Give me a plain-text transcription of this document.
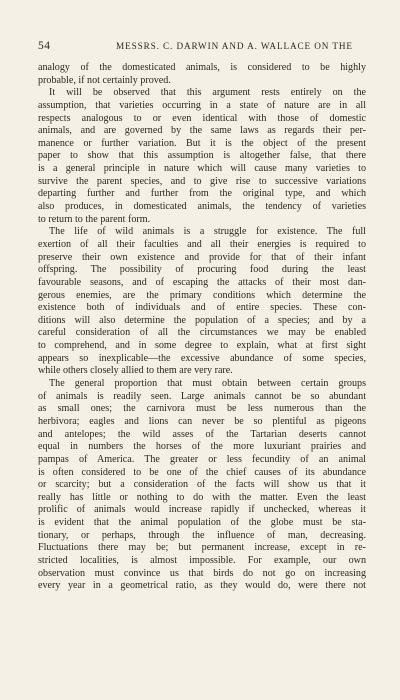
54	MESSRS. C. DARWIN AND A. WALLACE ON THE
analogy of the domesticated animals, is considered to be highly
probable, if not certainly proved.
It will be observed that this argument rests entirely on the
assumption, that varieties occurring in a state of nature are in all
respects analogous to or even identical with those of domestic
animals, and are governed by the same laws as regards their per-
manence or further variation. But it is the object of the present
paper to show that this assumption is altogether false, that there
is a general principle in nature which will cause many varieties to
survive the parent species, and to give rise to successive variations
departing further and further from the original type, and which
also produces, in domesticated animals, the tendency of varieties
to return to the parent form.
The life of wild animals is a struggle for existence. The full
exertion of all their faculties and all their energies is required to
preserve their own existence and provide for that of their infant
offspring. The possibility of procuring food during the least
favourable seasons, and of escaping the attacks of their most dan-
gerous enemies, are the primary conditions which determine the
existence both of individuals and of entire species. These con-
ditions will also determine the population of a species; and by a
careful consideration of all the circumstances we may be enabled
to comprehend, and in some degree to explain, what at first sight
appears so inexplicable—the excessive abundance of some species,
while others closely allied to them are very rare.
The general proportion that must obtain between certain groups
of animals is readily seen. Large animals cannot be so abundant
as small ones; the carnivora must be less numerous than the
herbivora; eagles and lions can never be so plentiful as pigeons
and antelopes; the wild asses of the Tartarian deserts cannot
equal in numbers the horses of the more luxuriant prairies and
pampas of America. The greater or less fecundity of an animal
is often considered to be one of the chief causes of its abundance
or scarcity; but a consideration of the facts will show us that it
really has little or nothing to do with the matter. Even the least
prolific of animals would increase rapidly if unchecked, whereas it
is evident that the animal population of the globe must be sta-
tionary, or perhaps, through the influence of man, decreasing.
Fluctuations there may be; but permanent increase, except in re-
stricted localities, is almost impossible. For example, our own
observation must convince us that birds do not go on increasing
every year in a geometrical ratio, as they would do, were there not
